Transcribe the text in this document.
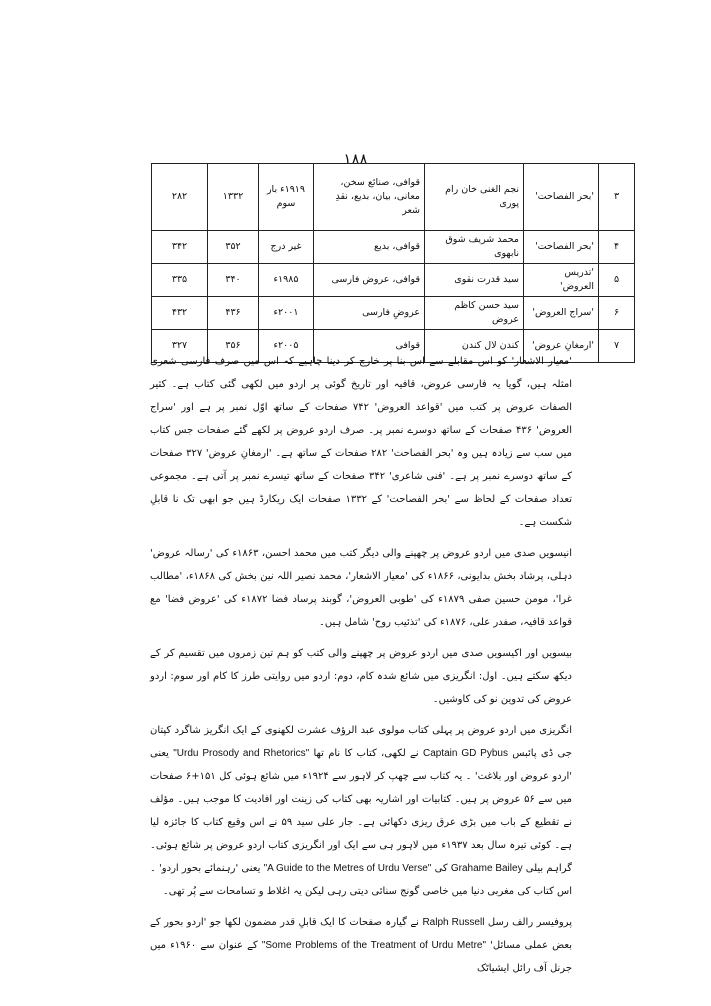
۱۸۸
۳	'بحر الفصاحت'	نجم الغنی خان رام پوری	قوافی، صنائع سخن، معانی، بیان، بدیع، نقدِ شعر	۱۹۱۹ء بار سوم	۱۳۳۲	۲۸۲
۴	'بحر الفصاحت'	محمد شریف شوق نابھوی	قوافی، بدیع	غیر درج	۳۵۲	۳۴۲
۵	'تدریس العروض'	سید قدرت نقوی	قوافی، عروض فارسی	۱۹۸۵ء	۳۴۰	۳۳۵
۶	'سراج العروض'	سید حسن کاظم عروض	عروضِ فارسی	۲۰۰۱ء	۴۳۶	۴۳۲
۷	'ارمغانِ عروض'	کندن لال کندن	قوافی	۲۰۰۵ء	۳۵۶	۳۲۷

'معیار الاشعار' کو اس مقابلے سے اس بنا پر خارج کر دینا چاہیے کہ اس میں صرف فارسی شعری امثلہ ہیں، گویا یہ فارسی عروض، قافیہ اور تاریخ گوئی پر اردو میں لکھی گئی کتاب ہے۔ کثیر الصفات عروض پر کتب میں 'قواعد العروض' ۷۴۲ صفحات کے ساتھ اوّل نمبر پر ہے اور 'سراج العروض' ۴۳۶ صفحات کے ساتھ دوسرے نمبر پر۔ صرف اردو عروض پر لکھے گئے صفحات جس کتاب میں سب سے زیادہ ہیں وہ 'بحر الفصاحت' ۲۸۲ صفحات کے ساتھ ہے۔ 'ارمغانِ عروض' ۳۲۷ صفحات کے ساتھ دوسرے نمبر پر ہے۔ 'فنی شاعری' ۳۴۲ صفحات کے ساتھ تیسرے نمبر پر آتی ہے۔ مجموعی تعداد صفحات کے لحاظ سے 'بحر الفصاحت' کے ۱۳۳۲ صفحات ایک ریکارڈ ہیں جو ابھی تک نا قابلِ شکست ہے۔

انیسویں صدی میں اردو عروض پر چھپنے والی دیگر کتب میں محمد احسن، ۱۸۶۳ء کی 'رسالہ عروض' دہلی، پرشاد بخش بدایونی، ۱۸۶۶ء کی 'معیار الاشعار'، محمد نصیر اللہ نین بخش کی ۱۸۶۸ء، 'مطالب غرا'، مومن حسین صفی ۱۸۷۹ء کی 'طوبی العروض'، گوبند پرساد فضا ۱۸۷۲ء کی 'عروض فضا' مع قواعد قافیہ، صفدر علی، ۱۸۷۶ء کی 'تذئیب روح' شامل ہیں۔

بیسویں اور اکیسویں صدی میں اردو عروض پر چھپنے والی کتب کو ہم تین زمروں میں تقسیم کر کے دیکھ سکتے ہیں۔ اول: انگریزی میں شائع شدہ کام، دوم: اردو میں روایتی طرز کا کام اور سوم: اردو عروض کی تدوین نو کی کاوشیں۔

انگریزی میں اردو عروض پر پہلی کتاب مولوی عبد الرؤف عشرت لکھنوی کے ایک انگریز شاگرد کپتان جی ڈی پائبس Captain GD Pybus نے لکھی، کتاب کا نام تھا "Urdu Prosody and Rhetorics" یعنی 'اردو عروض اور بلاغت' ۔ یہ کتاب سے چھپ کر لاہور سے ۱۹۲۴ء میں شائع ہوئی کل ۱۵۱+۶ صفحات میں سے ۵۶ عروض پر ہیں۔ کتابیات اور اشاریہ بھی کتاب کی زینت اور افادیت کا موجب ہیں۔ مؤلف نے تقطیع کے باب میں بڑی عرق ریزی دکھائی ہے۔ جار علی سید ۵۹ نے اس وقیع کتاب کا جائزہ لیا ہے۔ کوئی تیرہ سال بعد ۱۹۳۷ء میں لاہور ہی سے ایک اور انگریزی کتاب اردو عروض پر شائع ہوئی۔ گراہم بیلی Grahame Bailey کی "A Guide to the Metres of Urdu Verse" یعنی 'رہنمائے بحور اردو' ۔ اس کتاب کی مغربی دنیا میں خاصی گونج سنائی دیتی رہی لیکن یہ اغلاط و تسامحات سے پُر تھی۔

پروفیسر رالف رسل Ralph Russell نے گیارہ صفحات کا ایک قابلِ قدر مضمون لکھا جو 'اردو بحور کے بعض عملی مسائل' "Some Problems of the Treatment of Urdu Metre" کے عنوان سے ۱۹۶۰ء میں جرنل آف رائل ایشیاٹک
